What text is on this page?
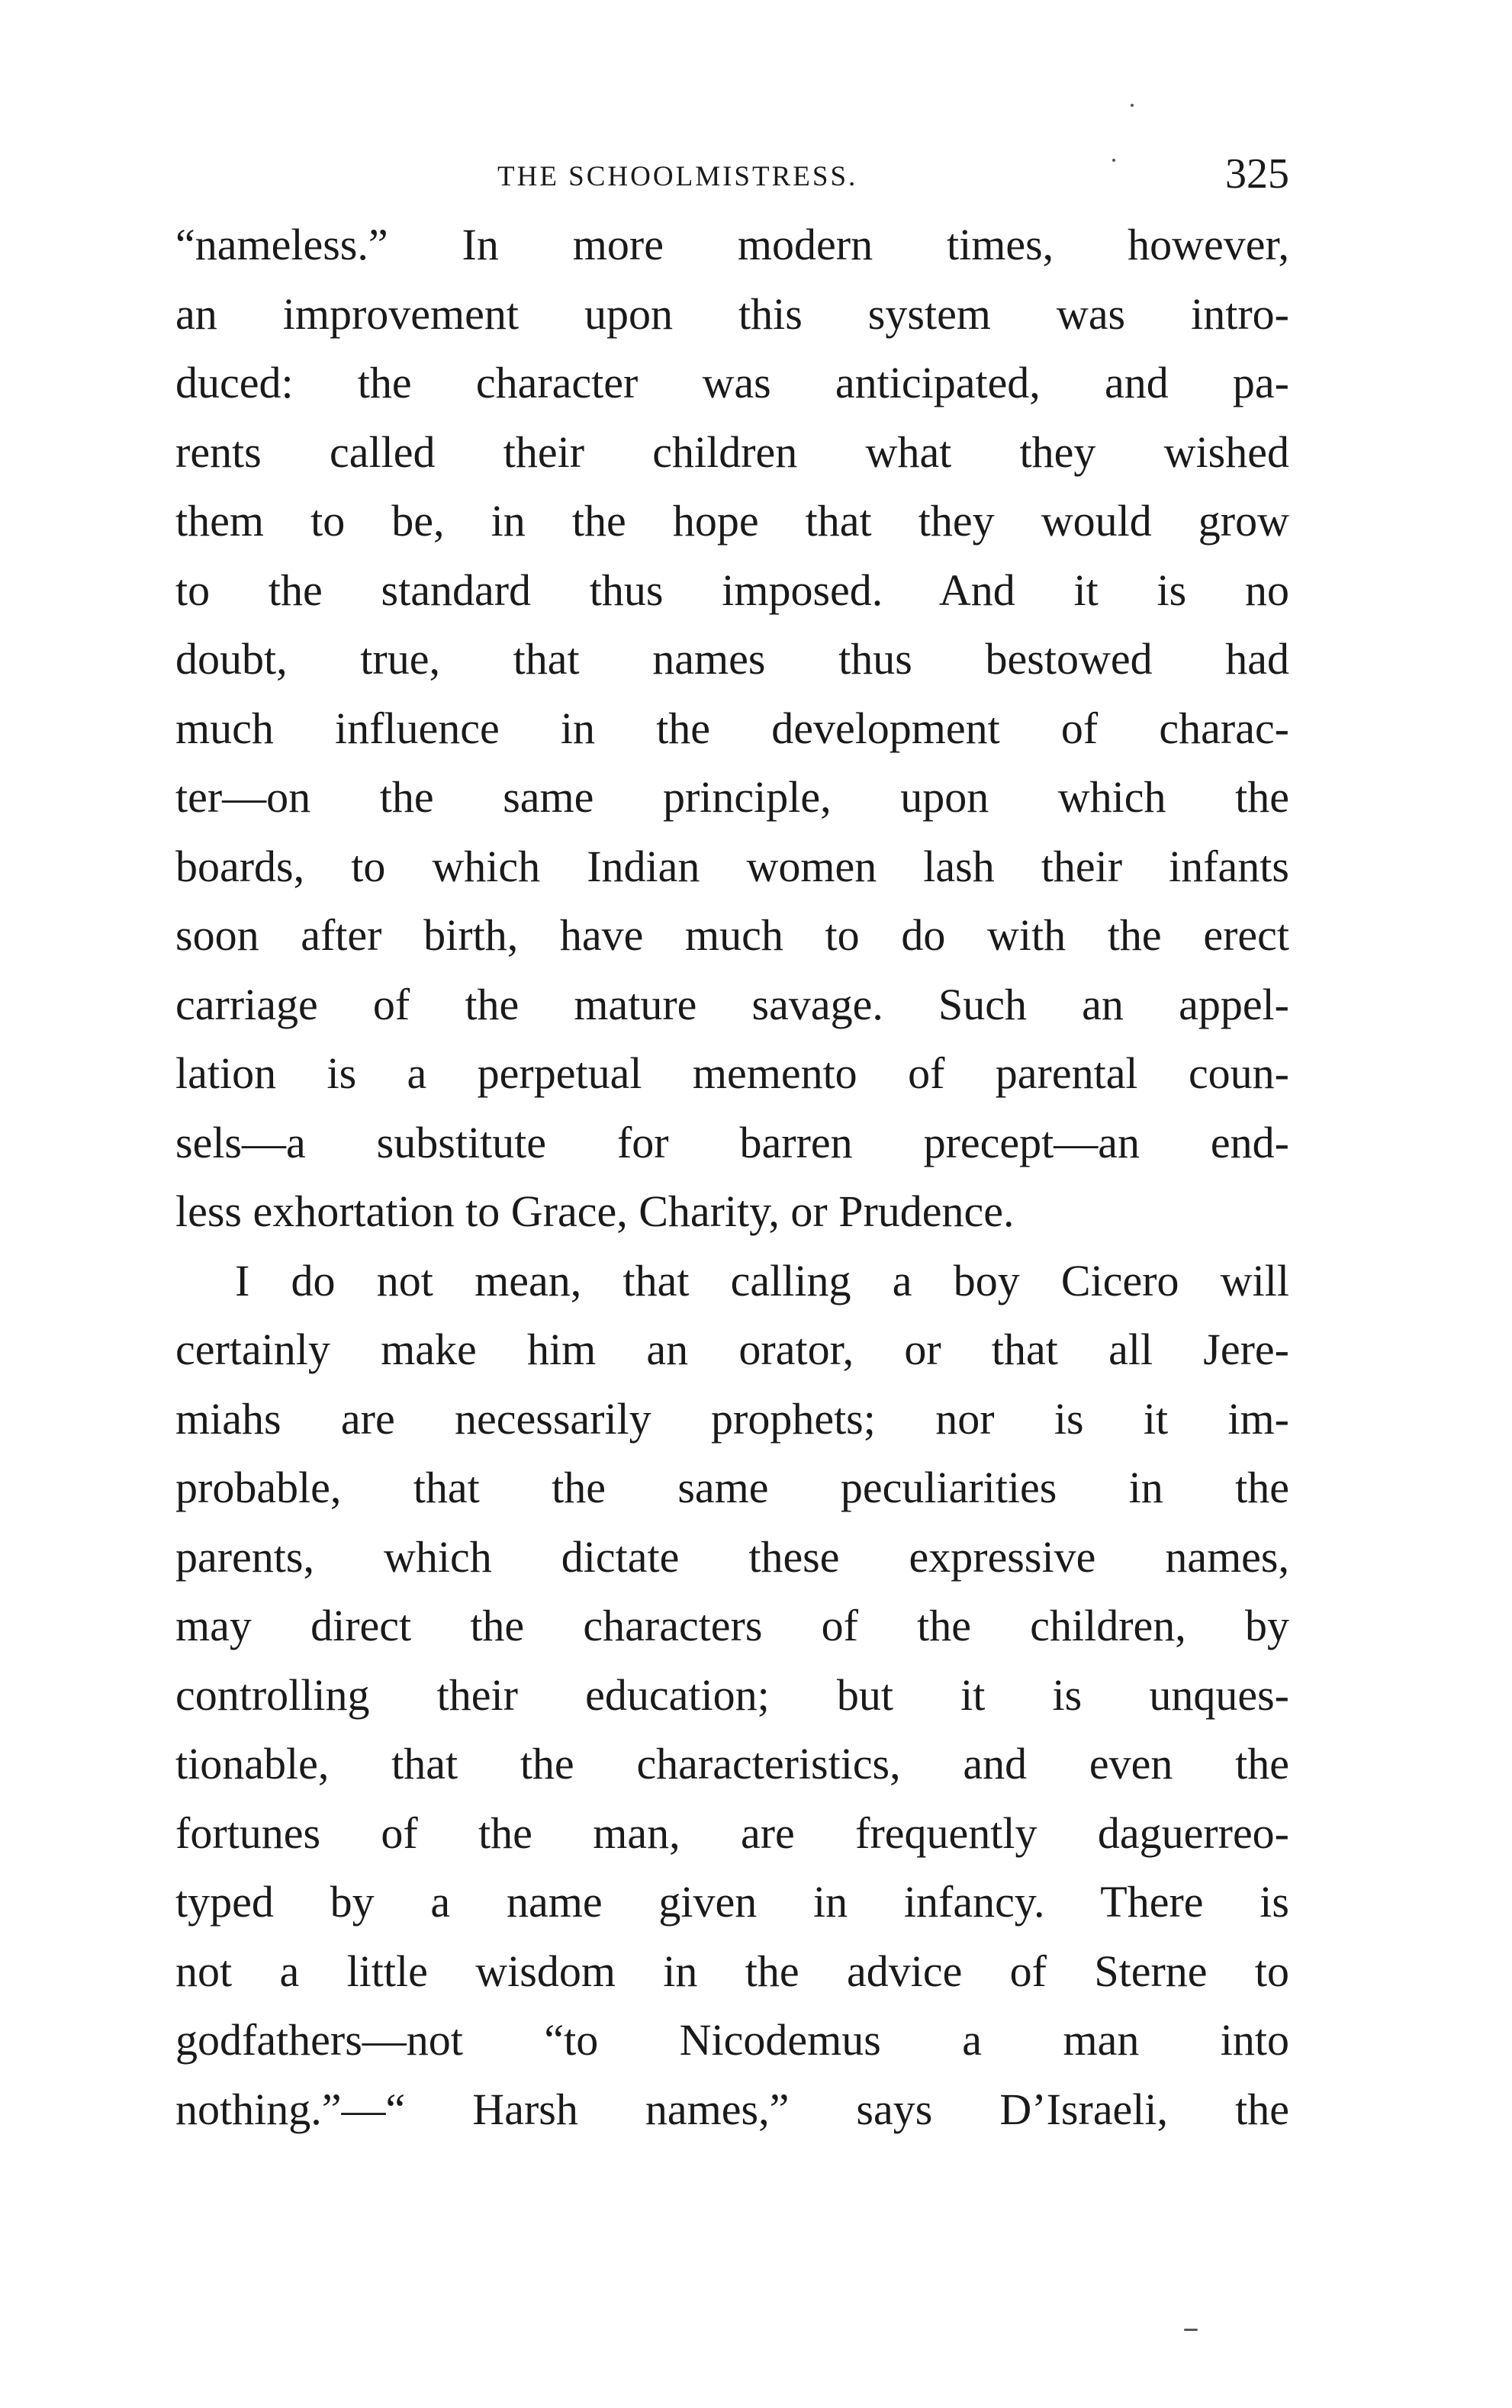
THE SCHOOLMISTRESS.	325
“nameless.” In more modern times, however,
an improvement upon this system was intro-
duced: the character was anticipated, and pa-
rents called their children what they wished
them to be, in the hope that they would grow
to the standard thus imposed. And it is no
doubt, true, that names thus bestowed had
much influence in the development of charac-
ter—on the same principle, upon which the
boards, to which Indian women lash their infants
soon after birth, have much to do with the erect
carriage of the mature savage. Such an appel-
lation is a perpetual memento of parental coun-
sels—a substitute for barren precept—an end-
less exhortation to Grace, Charity, or Prudence.
I do not mean, that calling a boy Cicero will
certainly make him an orator, or that all Jere-
miahs are necessarily prophets; nor is it im-
probable, that the same peculiarities in the
parents, which dictate these expressive names,
may direct the characters of the children, by
controlling their education; but it is unques-
tionable, that the characteristics, and even the
fortunes of the man, are frequently daguerreo-
typed by a name given in infancy. There is
not a little wisdom in the advice of Sterne to
godfathers—not “to Nicodemus a man into
nothing.”—“ Harsh names,” says D’Israeli, the
